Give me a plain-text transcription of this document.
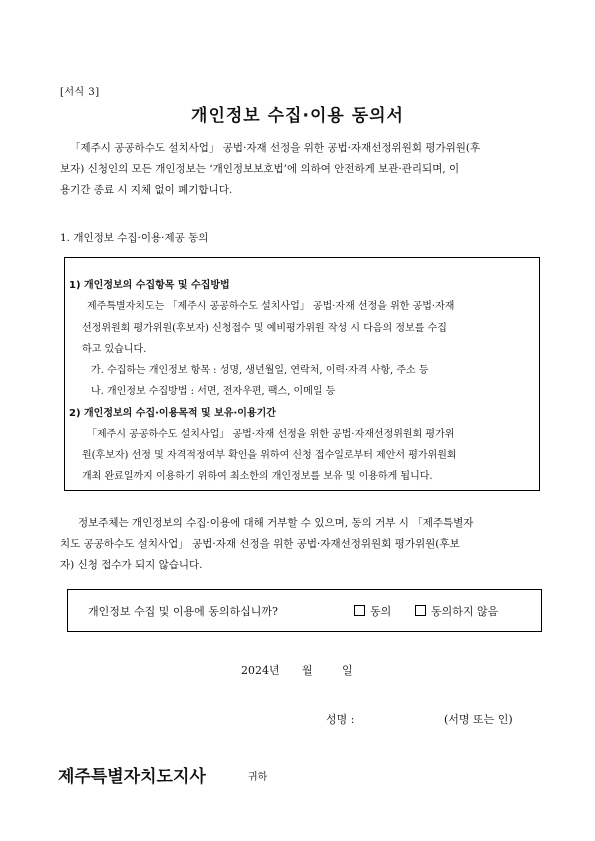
[서식 3]
개인정보 수집·이용 동의서
「제주시 공공하수도 설치사업」 공법·자재 선정을 위한 공법·자재선정위원회 평가위원(후
보자) 신청인의 모든 개인정보는 ‘개인정보보호법’에 의하여 안전하게 보관·관리되며, 이
용기간 종료 시 지체 없이 폐기합니다.
1. 개인정보 수집·이용·제공 동의
1) 개인정보의 수집항목 및 수집방법
제주특별자치도는 「제주시 공공하수도 설치사업」 공법·자재 선정을 위한 공법·자재
선정위원회 평가위원(후보자) 신청접수 및 예비평가위원 작성 시 다음의 정보를 수집
하고 있습니다.
가. 수집하는 개인정보 항목 : 성명, 생년월일, 연락처, 이력·자격 사항, 주소 등
나. 개인정보 수집방법 : 서면, 전자우편, 팩스, 이메일 등
2) 개인정보의 수집·이용목적 및 보유·이용기간
「제주시 공공하수도 설치사업」 공법·자재 선정을 위한 공법·자재선정위원회 평가위
원(후보자) 선정 및 자격적정여부 확인을 위하여 신청 접수일로부터 제안서 평가위원회
개최 완료일까지 이용하기 위하여 최소한의 개인정보를 보유 및 이용하게 됩니다.
정보주체는 개인정보의 수집·이용에 대해 거부할 수 있으며, 동의 거부 시 「제주특별자
치도 공공하수도 설치사업」 공법·자재 선정을 위한 공법·자재선정위원회 평가위원(후보
자) 신청 접수가 되지 않습니다.
개인정보 수집 및 이용에 동의하십니까?	동의	동의하지 않음
2024년 월	일
성명 :	(서명 또는 인)
제주특별자치도지사	귀하
